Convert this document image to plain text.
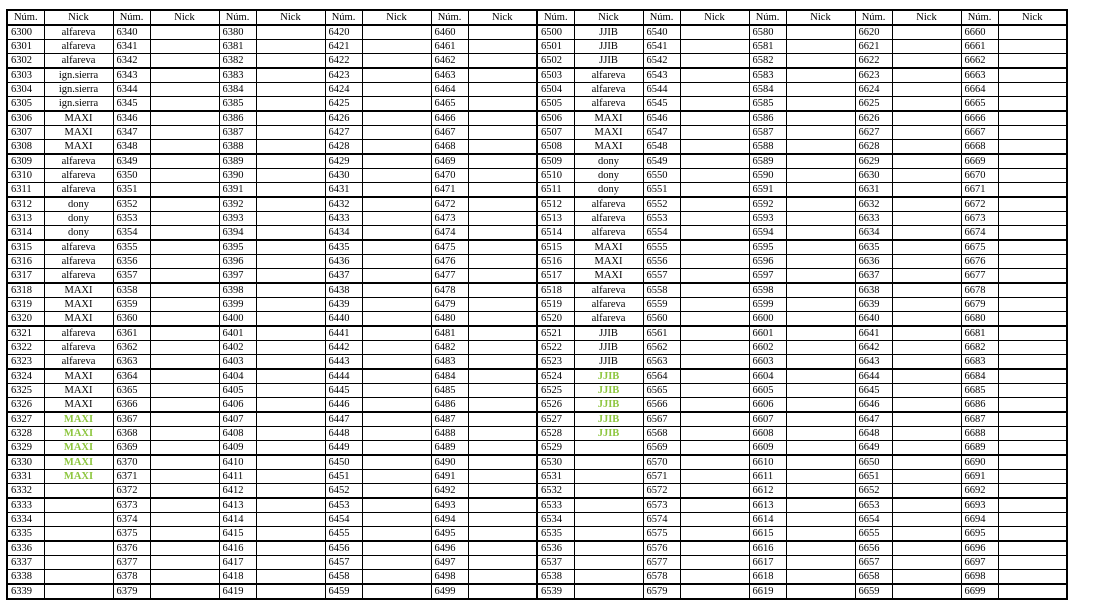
Núm.	Nick	Núm.	Nick	Núm.	Nick	Núm.	Nick	Núm.	Nick	Núm.	Nick	Núm.	Nick	Núm.	Nick	Núm.	Nick	Núm.	Nick
6300	alfareva	6340		6380		6420		6460		6500	JJIB	6540		6580		6620		6660	
6301	alfareva	6341		6381		6421		6461		6501	JJIB	6541		6581		6621		6661	
6302	alfareva	6342		6382		6422		6462		6502	JJIB	6542		6582		6622		6662	
6303	ign.sierra	6343		6383		6423		6463		6503	alfareva	6543		6583		6623		6663	
6304	ign.sierra	6344		6384		6424		6464		6504	alfareva	6544		6584		6624		6664	
6305	ign.sierra	6345		6385		6425		6465		6505	alfareva	6545		6585		6625		6665	
6306	MAXI	6346		6386		6426		6466		6506	MAXI	6546		6586		6626		6666	
6307	MAXI	6347		6387		6427		6467		6507	MAXI	6547		6587		6627		6667	
6308	MAXI	6348		6388		6428		6468		6508	MAXI	6548		6588		6628		6668	
6309	alfareva	6349		6389		6429		6469		6509	dony	6549		6589		6629		6669	
6310	alfareva	6350		6390		6430		6470		6510	dony	6550		6590		6630		6670	
6311	alfareva	6351		6391		6431		6471		6511	dony	6551		6591		6631		6671	
6312	dony	6352		6392		6432		6472		6512	alfareva	6552		6592		6632		6672	
6313	dony	6353		6393		6433		6473		6513	alfareva	6553		6593		6633		6673	
6314	dony	6354		6394		6434		6474		6514	alfareva	6554		6594		6634		6674	
6315	alfareva	6355		6395		6435		6475		6515	MAXI	6555		6595		6635		6675	
6316	alfareva	6356		6396		6436		6476		6516	MAXI	6556		6596		6636		6676	
6317	alfareva	6357		6397		6437		6477		6517	MAXI	6557		6597		6637		6677	
6318	MAXI	6358		6398		6438		6478		6518	alfareva	6558		6598		6638		6678	
6319	MAXI	6359		6399		6439		6479		6519	alfareva	6559		6599		6639		6679	
6320	MAXI	6360		6400		6440		6480		6520	alfareva	6560		6600		6640		6680	
6321	alfareva	6361		6401		6441		6481		6521	JJIB	6561		6601		6641		6681	
6322	alfareva	6362		6402		6442		6482		6522	JJIB	6562		6602		6642		6682	
6323	alfareva	6363		6403		6443		6483		6523	JJIB	6563		6603		6643		6683	
6324	MAXI	6364		6404		6444		6484		6524	JJIB	6564		6604		6644		6684	
6325	MAXI	6365		6405		6445		6485		6525	JJIB	6565		6605		6645		6685	
6326	MAXI	6366		6406		6446		6486		6526	JJIB	6566		6606		6646		6686	
6327	MAXI	6367		6407		6447		6487		6527	JJIB	6567		6607		6647		6687	
6328	MAXI	6368		6408		6448		6488		6528	JJIB	6568		6608		6648		6688	
6329	MAXI	6369		6409		6449		6489		6529		6569		6609		6649		6689	
6330	MAXI	6370		6410		6450		6490		6530		6570		6610		6650		6690	
6331	MAXI	6371		6411		6451		6491		6531		6571		6611		6651		6691	
6332		6372		6412		6452		6492		6532		6572		6612		6652		6692	
6333		6373		6413		6453		6493		6533		6573		6613		6653		6693	
6334		6374		6414		6454		6494		6534		6574		6614		6654		6694	
6335		6375		6415		6455		6495		6535		6575		6615		6655		6695	
6336		6376		6416		6456		6496		6536		6576		6616		6656		6696	
6337		6377		6417		6457		6497		6537		6577		6617		6657		6697	
6338		6378		6418		6458		6498		6538		6578		6618		6658		6698	
6339		6379		6419		6459		6499		6539		6579		6619		6659		6699	
